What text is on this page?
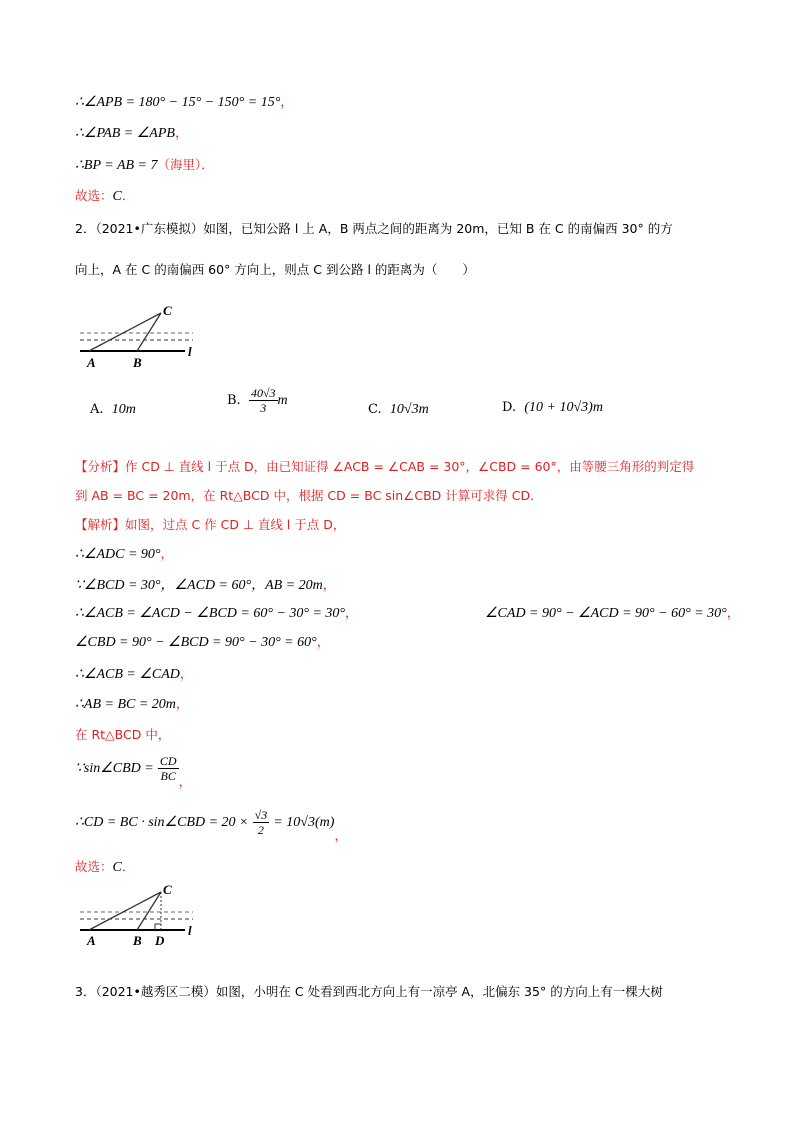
∴∠APB = 180° − 15° − 150° = 15°，
∴∠PAB = ∠APB，
∴BP = AB = 7（海里）．
故选：C．
2．（2021•广东模拟）如图，已知公路 l 上 A，B 两点之间的距离为 20m，已知 B 在 C 的南偏西 30° 的方
向上，A 在 C 的南偏西 60° 方向上，则点 C 到公路 l 的距离为（　　）
C
A	B
l
A. 10m
B. $\frac{40√3}{3}$ m
C. 10√3m	D. (10 + 10√3)m
【分析】作 CD ⊥ 直线 l 于点 D，由已知证得 ∠ACB = ∠CAB = 30°，∠CBD = 60°，由等腰三角形的判定得
到 AB = BC = 20m，在 Rt△BCD 中，根据 CD = BC sin∠CBD 计算可求得 CD．
【解析】如图，过点 C 作 CD ⊥ 直线 l 于点 D，
∴∠ADC = 90°，
∵∠BCD = 30°，∠ACD = 60°，AB = 20m，
∴∠ACB = ∠ACD − ∠BCD = 60° − 30° = 30°，	∠CAD = 90° − ∠ACD = 90° − 60° = 30°，
∠CBD = 90° − ∠BCD = 90° − 30° = 60°，
∴∠ACB = ∠CAD，
∴AB = BC = 20m，
在 Rt△BCD 中，
∵sin∠CBD = $\frac{CD}{BC}$ ，
∴CD = BC · sin∠CBD = $20 \times \frac{√3}{2} = 10√3(m)$，
故选：C．
C
A	B D
l
3．（2021•越秀区二模）如图，小明在 C 处看到西北方向上有一凉亭 A，北偏东 35° 的方向上有一棵大树
